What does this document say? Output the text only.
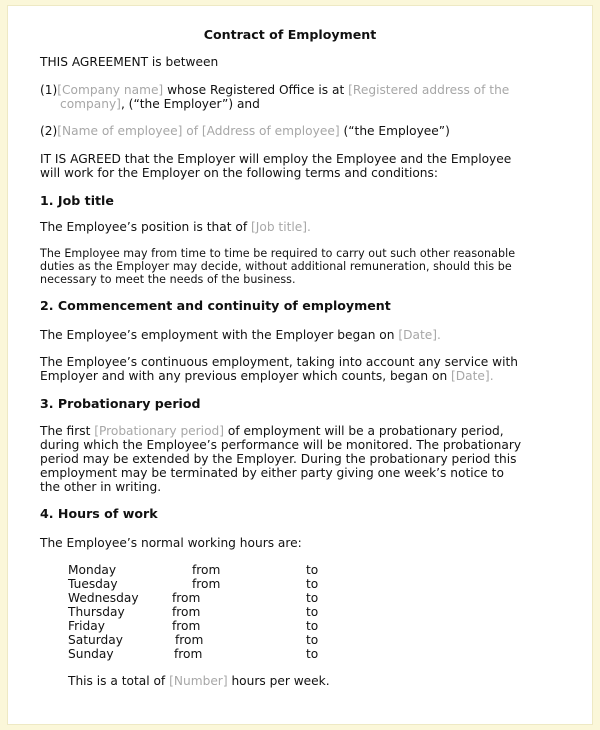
Contract of Employment
THIS AGREEMENT is between
(1)[Company name] whose Registered Office is at [Registered address of the
company], (“the Employer”) and
(2)[Name of employee] of [Address of employee] (“the Employee”)
IT IS AGREED that the Employer will employ the Employee and the Employee
will work for the Employer on the following terms and conditions:
1. Job title
The Employee’s position is that of [Job title].
The Employee may from time to time be required to carry out such other reasonable
duties as the Employer may decide, without additional remuneration, should this be
necessary to meet the needs of the business.
2. Commencement and continuity of employment
The Employee’s employment with the Employer began on [Date].
The Employee’s continuous employment, taking into account any service with
Employer and with any previous employer which counts, began on [Date].
3. Probationary period
The first [Probationary period] of employment will be a probationary period,
during which the Employee’s performance will be monitored. The probationary
period may be extended by the Employer. During the probationary period this
employment may be terminated by either party giving one week’s notice to
the other in writing.
4. Hours of work
The Employee’s normal working hours are:
Monday	from	to
Tuesday	from	to
Wednesday	from	to
Thursday	from	to
Friday	from	to
Saturday	from	to
Sunday	from	to
This is a total of [Number] hours per week.
